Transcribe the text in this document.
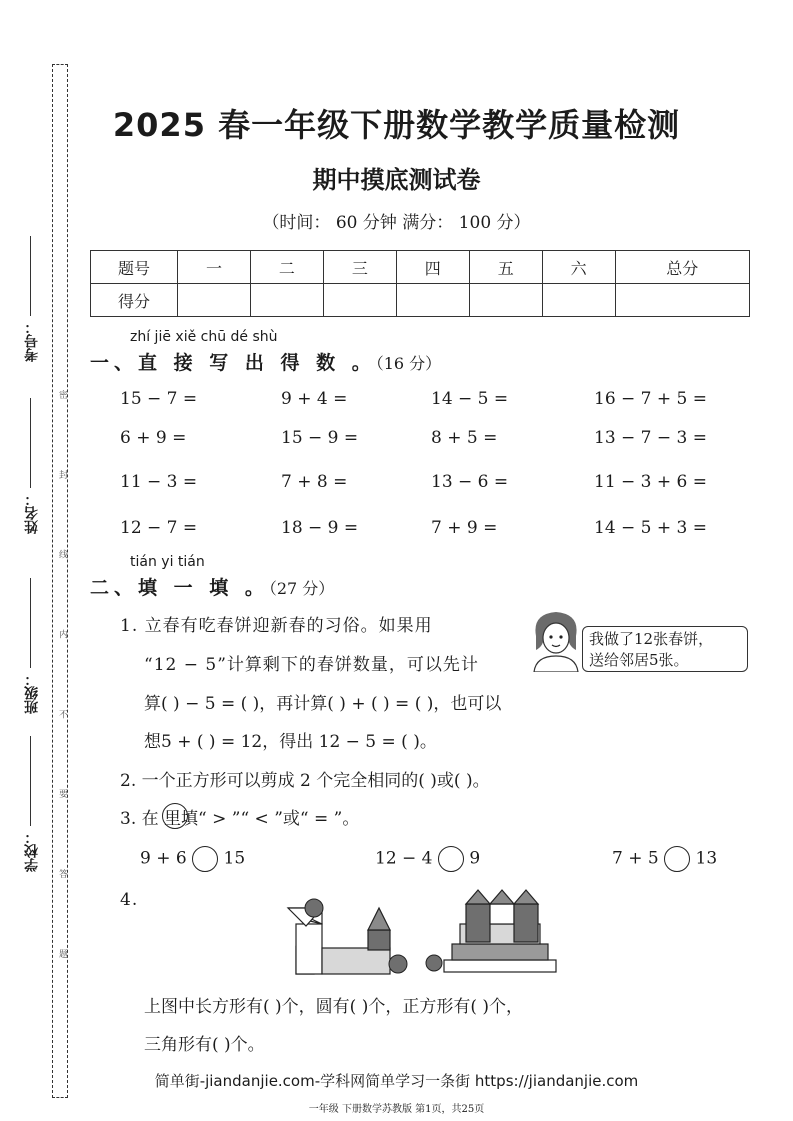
密 封 线 内 不 要 答 题
考号：
姓名：
班级：
学校：
2025 春一年级下册数学教学质量检测
期中摸底测试卷
（时间： 60 分钟 满分： 100 分）
题号	一	二	三	四	五	六	总分
得分							
zhí jiē xiě chū dé shù
一、直 接 写 出 得 数 。（16 分）
15 − 7 =	9 + 4 =	14 − 5 =	16 − 7 + 5 =
6 + 9 =	15 − 9 =	8 + 5 =	13 − 7 − 3 =
11 − 3 =	7 + 8 =	13 − 6 =	11 − 3 + 6 =
12 − 7 =	18 − 9 =	7 + 9 =	14 − 5 + 3 =
tián yi tián
二、填 一 填 。（27 分）
1. 立春有吃春饼迎新春的习俗。如果用
“12 − 5”计算剩下的春饼数量，可以先计
算( ) − 5 = ( )，再计算( ) + ( ) = ( )，也可以
想5 + ( ) = 12，得出 12 − 5 = ( )。
我做了12张春饼，
送给邻居5张。
2. 一个正方形可以剪成 2 个完全相同的( )或( )。
3. 在 里填“ > ”“ < ”或“ = ”。
9 + 6 15	12 − 4 9	7 + 5 13
4.
上图中长方形有( )个，圆有( )个，正方形有( )个，
三角形有( )个。
简单街-jiandanjie.com-学科网简单学习一条街 https://jiandanjie.com
一年级 下册数学苏教版 第1页，共25页
